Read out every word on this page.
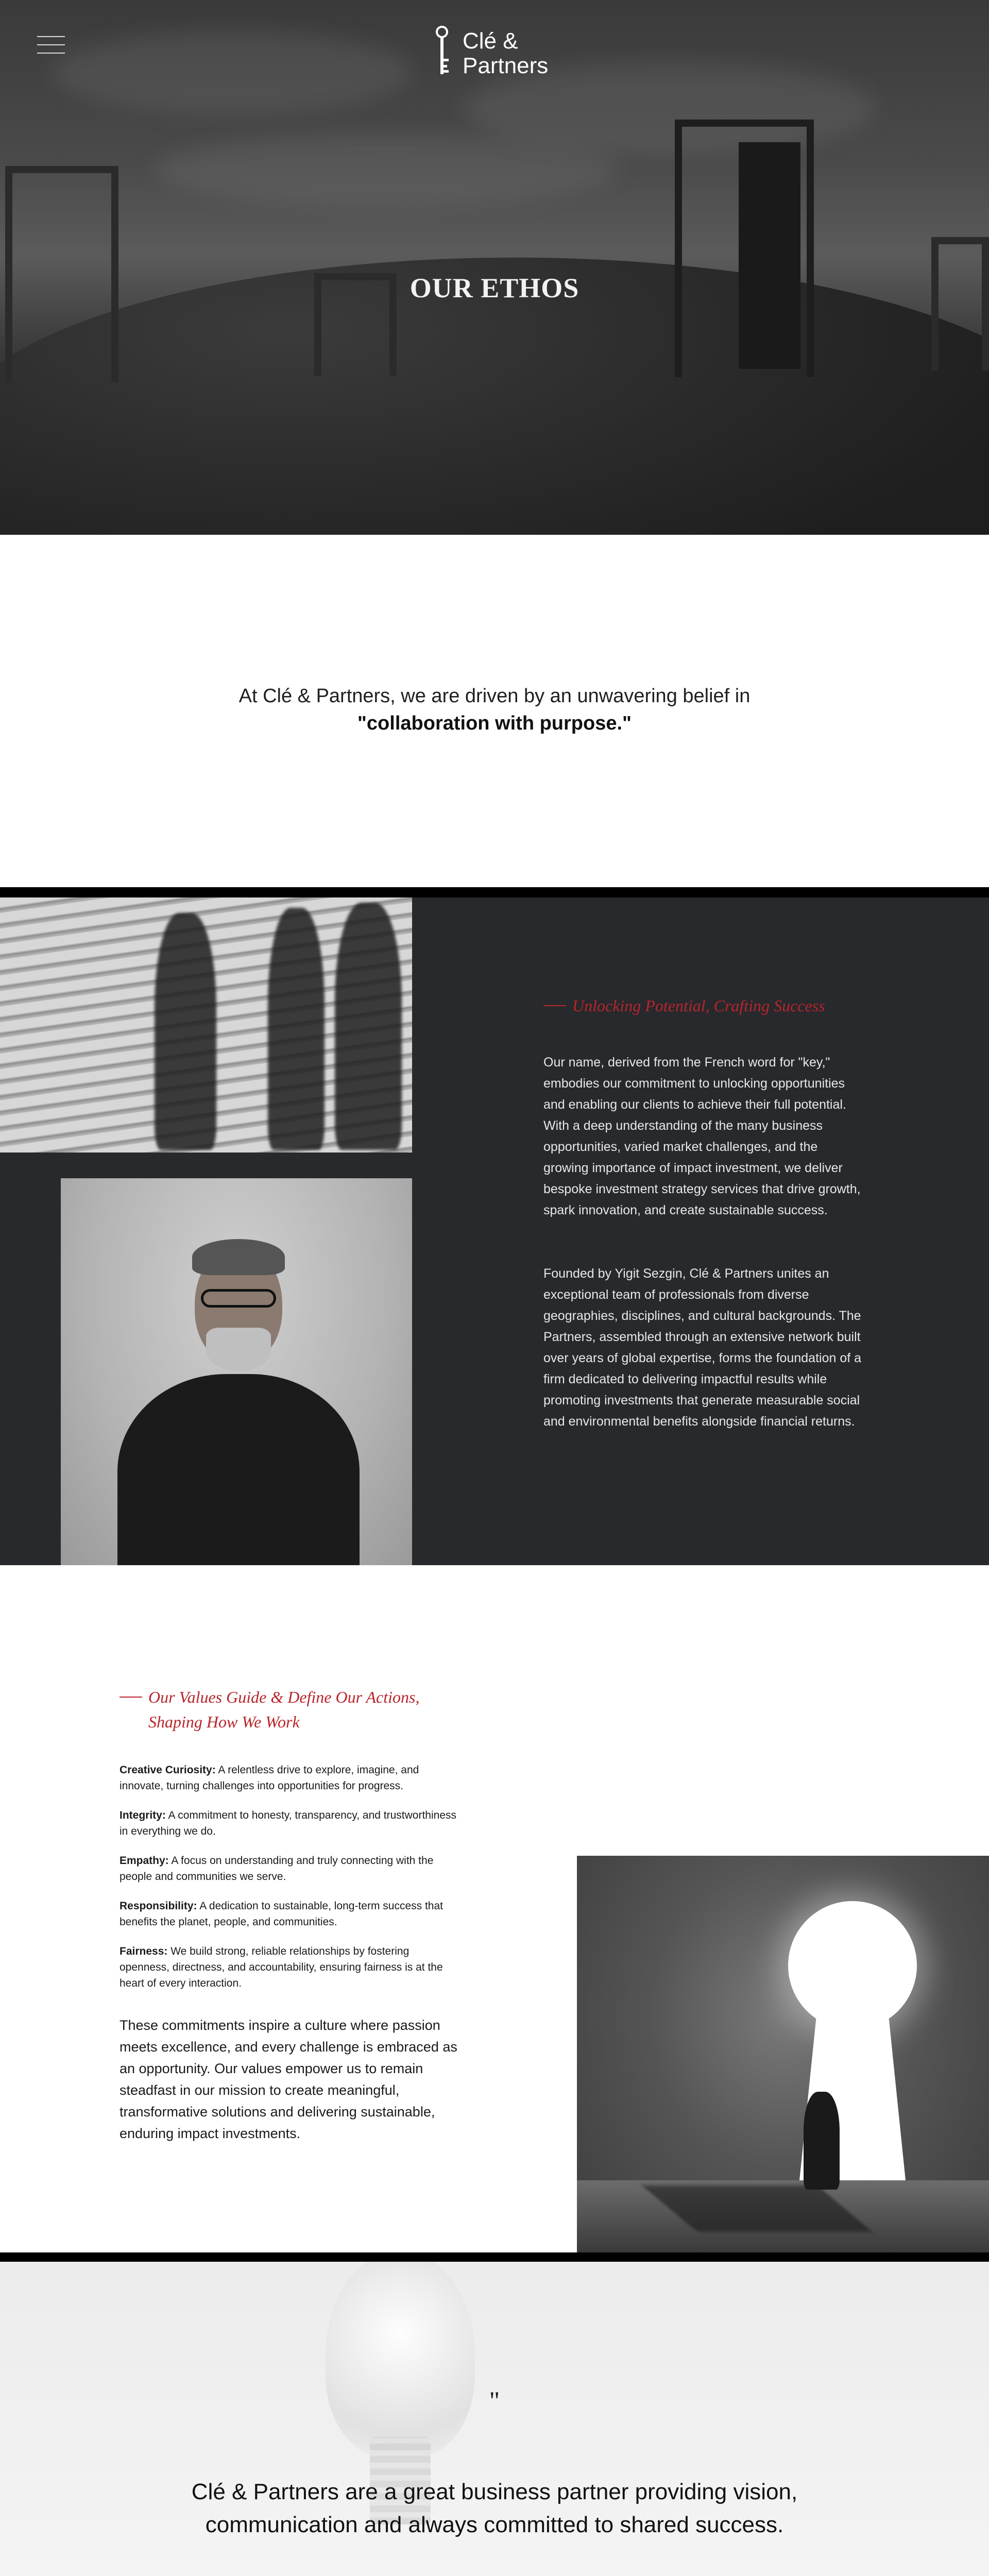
Clé &
Partners
OUR ETHOS

At Clé & Partners, we are driven by an unwavering belief in

"collaboration with purpose."

Unlocking Potential, Crafting Success

Our name, derived from the French word for "key," embodies our commitment to unlocking opportunities and enabling our clients to achieve their full potential. With a deep understanding of the many business opportunities, varied market challenges, and the growing importance of impact investment, we deliver bespoke investment strategy services that drive growth, spark innovation, and create sustainable success.

Founded by Yigit Sezgin, Clé & Partners unites an exceptional team of professionals from diverse geographies, disciplines, and cultural backgrounds. The Partners, assembled through an extensive network built over years of global expertise, forms the foundation of a firm dedicated to delivering impactful results while promoting investments that generate measurable social and environmental benefits alongside financial returns.

Our Values Guide & Define Our Actions,
Shaping How We Work

Creative Curiosity: A relentless drive to explore, imagine, and innovate, turning challenges into opportunities for progress.

Integrity: A commitment to honesty, transparency, and trustworthiness in everything we do.

Empathy: A focus on understanding and truly connecting with the people and communities we serve.

Responsibility: A dedication to sustainable, long-term success that benefits the planet, people, and communities.

Fairness: We build strong, reliable relationships by fostering openness, directness, and accountability, ensuring fairness is at the heart of every interaction.

These commitments inspire a culture where passion meets excellence, and every challenge is embraced as an opportunity. Our values empower us to remain steadfast in our mission to create meaningful, transformative solutions and delivering sustainable, enduring impact investments.

"

Clé & Partners are a great business partner providing vision, communication and always committed to shared success.
